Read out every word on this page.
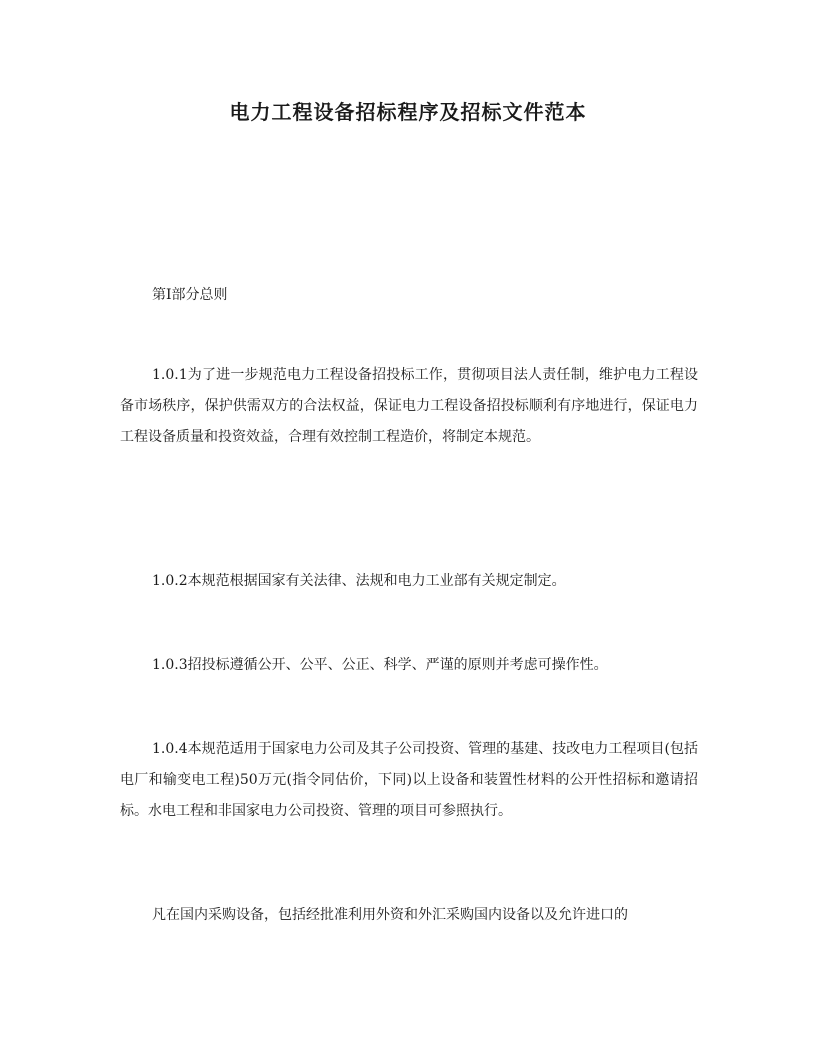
电力工程设备招标程序及招标文件范本

第I部分总则

1.0.1为了进一步规范电力工程设备招投标工作，贯彻项目法人责任制，维护电力工程设备市场秩序，保护供需双方的合法权益，保证电力工程设备招投标顺利有序地进行，保证电力工程设备质量和投资效益，合理有效控制工程造价，将制定本规范。

1.0.2本规范根据国家有关法律、法规和电力工业部有关规定制定。

1.0.3招投标遵循公开、公平、公正、科学、严谨的原则并考虑可操作性。

1.0.4本规范适用于国家电力公司及其子公司投资、管理的基建、技改电力工程项目(包括电厂和输变电工程)50万元(指令同估价，下同)以上设备和装置性材料的公开性招标和邀请招标。水电工程和非国家电力公司投资、管理的项目可参照执行。

凡在国内采购设备，包括经批准利用外资和外汇采购国内设备以及允许进口的
